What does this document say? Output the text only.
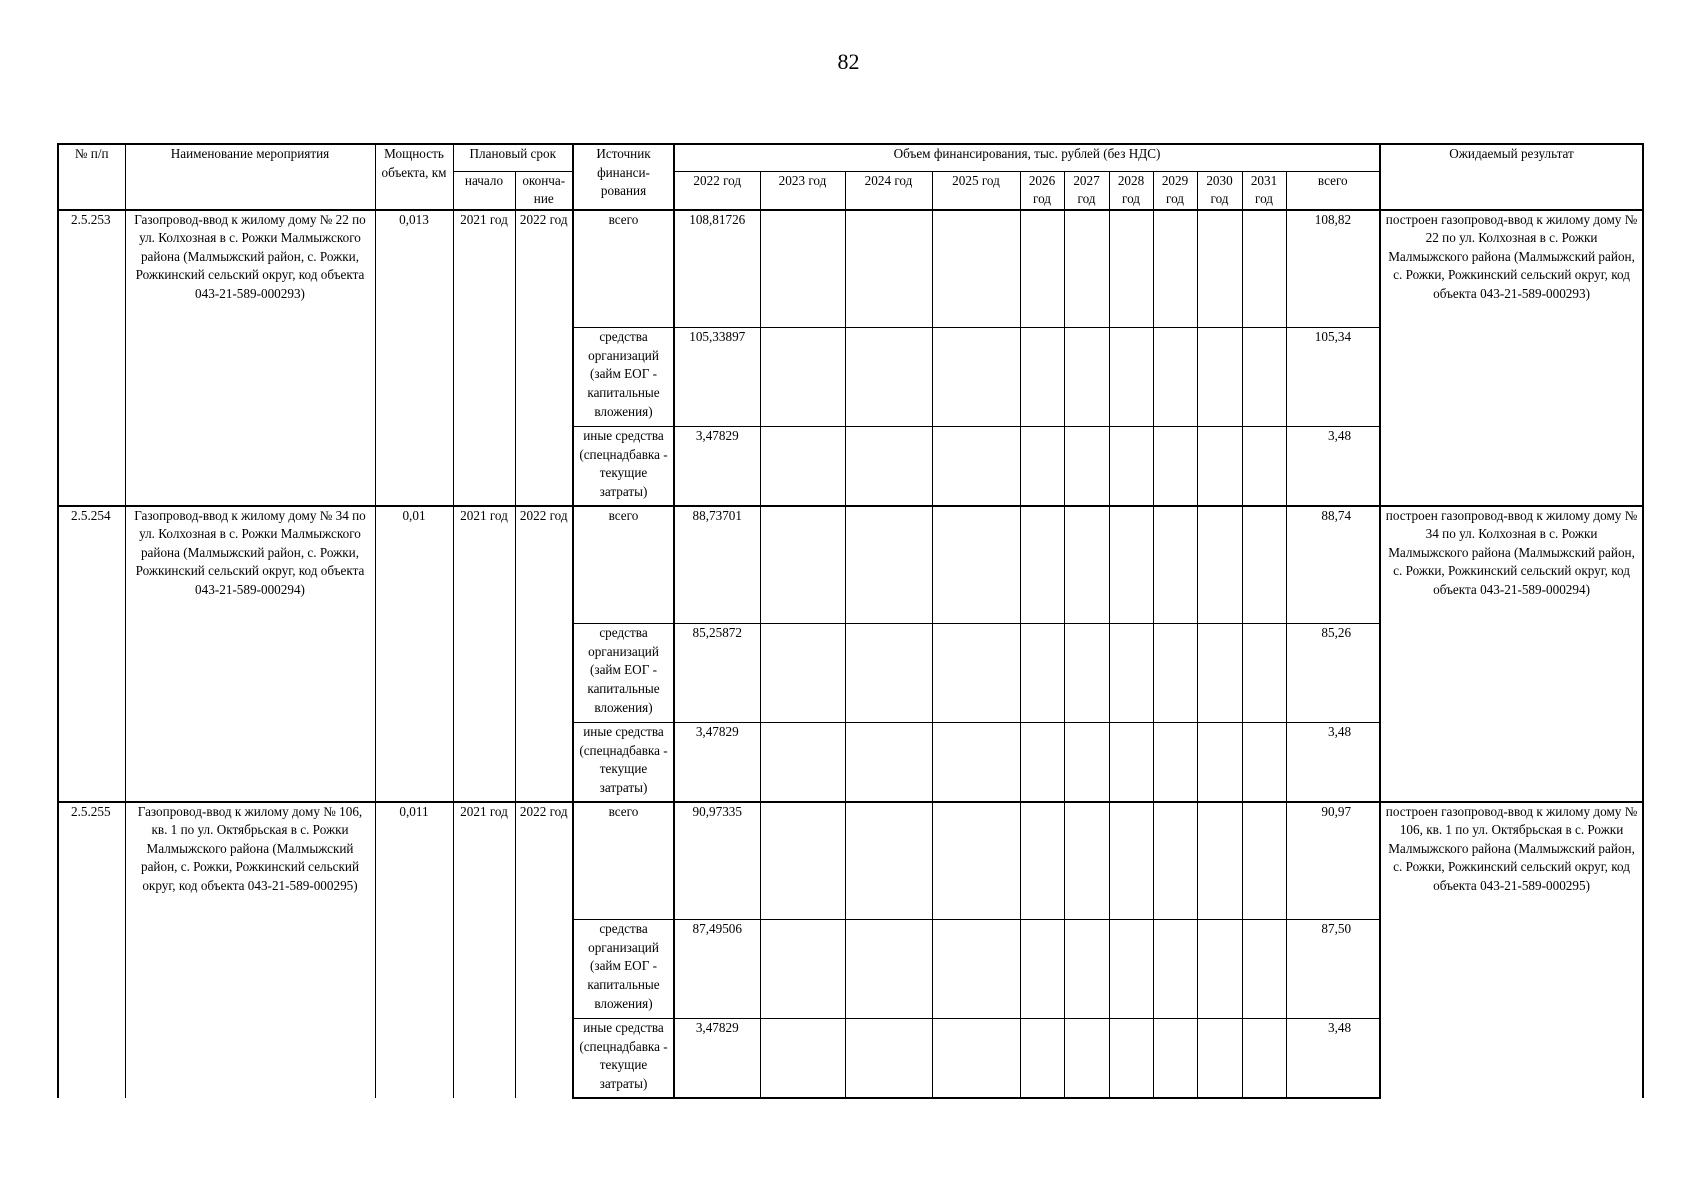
82
№ п/п	Наименование мероприятия	Мощность объекта, км	Плановый срок		Источник финанси-рования	Объем финансирования, тыс. рублей (без НДС)											Ожидаемый результат
			начало	оконча-ние		2022 год	2023 год	2024 год	2025 год	2026 год	2027 год	2028 год	2029 год	2030 год	2031 год	всего	
2.5.253	Газопровод-ввод к жилому дому № 22 по ул. Колхозная в с. Рожки Малмыжского района (Малмыжский район, с. Рожки, Рожкинский сельский округ, код объекта 043-21-589-000293)	0,013	2021 год	2022 год	всего	108,81726										108,82	построен газопровод-ввод к жилому дому № 22 по ул. Колхозная в с. Рожки Малмыжского района (Малмыжский район, с. Рожки, Рожкинский сельский округ, код объекта 043-21-589-000293)
					средства организаций (займ ЕОГ - капитальные вложения)	105,33897										105,34	
					иные средства (спецнадбавка - текущие затраты)	3,47829										3,48	
2.5.254	Газопровод-ввод к жилому дому № 34 по ул. Колхозная в с. Рожки Малмыжского района (Малмыжский район, с. Рожки, Рожкинский сельский округ, код объекта 043-21-589-000294)	0,01	2021 год	2022 год	всего	88,73701										88,74	построен газопровод-ввод к жилому дому № 34 по ул. Колхозная в с. Рожки Малмыжского района (Малмыжский район, с. Рожки, Рожкинский сельский округ, код объекта 043-21-589-000294)
					средства организаций (займ ЕОГ - капитальные вложения)	85,25872										85,26	
					иные средства (спецнадбавка - текущие затраты)	3,47829										3,48	
2.5.255	Газопровод-ввод к жилому дому № 106, кв. 1 по ул. Октябрьская в с. Рожки Малмыжского района (Малмыжский район, с. Рожки, Рожкинский сельский округ, код объекта 043-21-589-000295)	0,011	2021 год	2022 год	всего	90,97335										90,97	построен газопровод-ввод к жилому дому № 106, кв. 1 по ул. Октябрьская в с. Рожки Малмыжского района (Малмыжский район, с. Рожки, Рожкинский сельский округ, код объекта 043-21-589-000295)
					средства организаций (займ ЕОГ - капитальные вложения)	87,49506										87,50	
					иные средства (спецнадбавка - текущие затраты)	3,47829										3,48	
